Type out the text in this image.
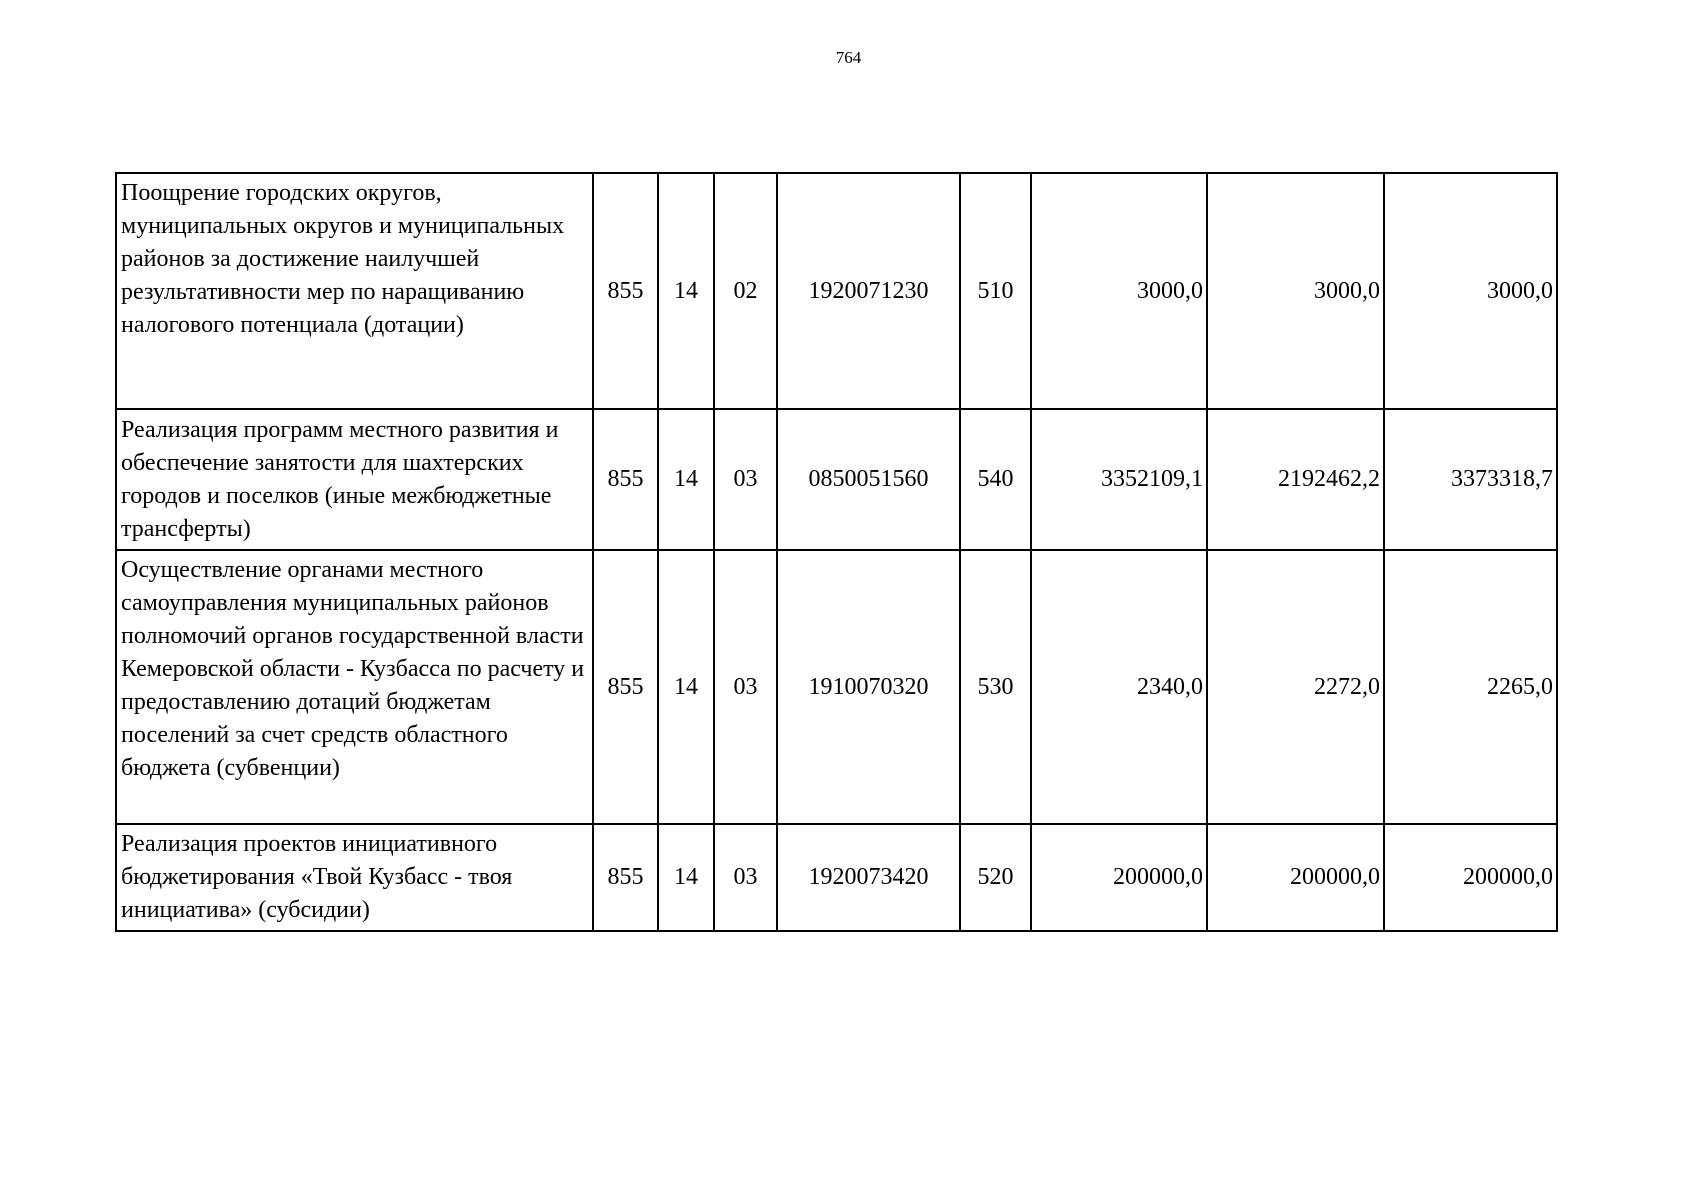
764
Поощрение городских округов, муниципальных округов и муниципальных районов за достижение наилучшей результативности мер по наращиванию налогового потенциала (дотации)	855	14	02	1920071230	510	3000,0	3000,0	3000,0
Реализация программ местного развития и обеспечение занятости для шахтерских городов и поселков (иные межбюджетные трансферты)	855	14	03	0850051560	540	3352109,1	2192462,2	3373318,7
Осуществление органами местного самоуправления муниципальных районов полномочий органов государственной власти Кемеровской области - Кузбасса по расчету и предоставлению дотаций бюджетам поселений за счет средств областного бюджета (субвенции)	855	14	03	1910070320	530	2340,0	2272,0	2265,0
Реализация проектов инициативного бюджетирования «Твой Кузбасс - твоя инициатива» (субсидии)	855	14	03	1920073420	520	200000,0	200000,0	200000,0
